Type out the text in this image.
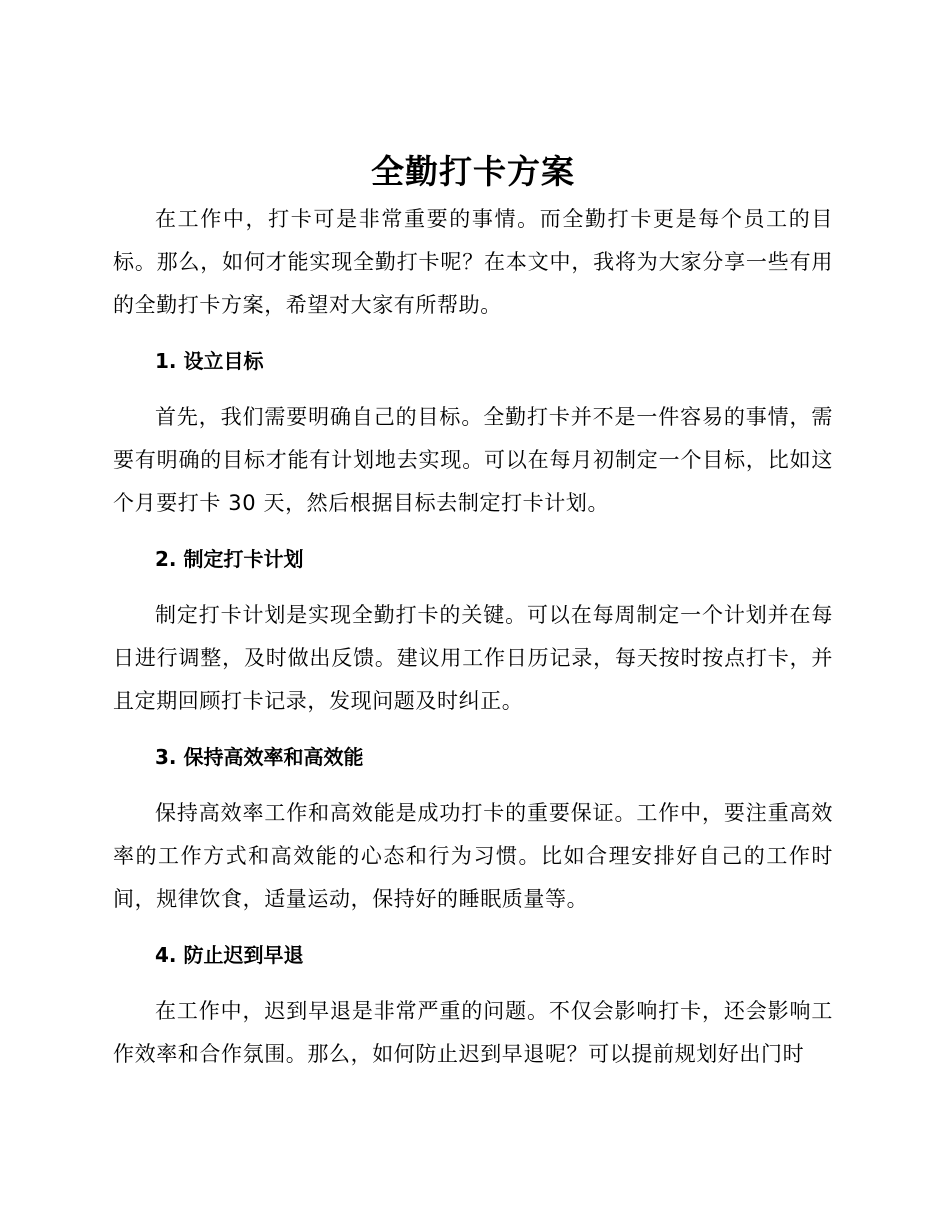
全勤打卡方案

在工作中，打卡可是非常重要的事情。而全勤打卡更是每个员工的目标。那么，如何才能实现全勤打卡呢？在本文中，我将为大家分享一些有用的全勤打卡方案，希望对大家有所帮助。

1. 设立目标

首先，我们需要明确自己的目标。全勤打卡并不是一件容易的事情，需要有明确的目标才能有计划地去实现。可以在每月初制定一个目标，比如这个月要打卡 30 天，然后根据目标去制定打卡计划。

2. 制定打卡计划

制定打卡计划是实现全勤打卡的关键。可以在每周制定一个计划并在每日进行调整，及时做出反馈。建议用工作日历记录，每天按时按点打卡，并且定期回顾打卡记录，发现问题及时纠正。

3. 保持高效率和高效能

保持高效率工作和高效能是成功打卡的重要保证。工作中，要注重高效率的工作方式和高效能的心态和行为习惯。比如合理安排好自己的工作时间，规律饮食，适量运动，保持好的睡眠质量等。

4. 防止迟到早退

在工作中，迟到早退是非常严重的问题。不仅会影响打卡，还会影响工作效率和合作氛围。那么，如何防止迟到早退呢？可以提前规划好出门时
